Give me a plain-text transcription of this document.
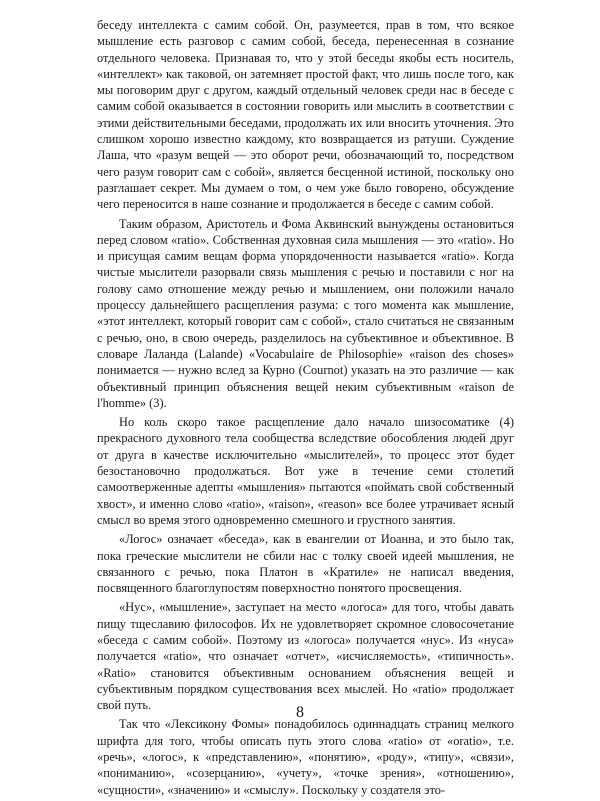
беседу интеллекта с самим собой. Он, разумеется, прав в том, что всякое мышление есть разговор с самим собой, беседа, перенесенная в сознание отдельного человека. Признавая то, что у этой беседы якобы есть носитель, «интеллект» как таковой, он затемняет простой факт, что лишь после того, как мы поговорим друг с другом, каждый отдельный человек среди нас в беседе с самим собой оказывается в состоянии говорить или мыслить в соответствии с этими действительными беседами, продолжать их или вносить уточнения. Это слишком хорошо известно каждому, кто возвращается из ратуши. Суждение Лаша, что «разум вещей — это оборот речи, обозначающий то, посредством чего разум говорит сам с собой», является бесценной истиной, поскольку оно разглашает секрет. Мы думаем о том, о чем уже было говорено, обсуждение чего переносится в наше сознание и продолжается в беседе с самим собой.

Таким образом, Аристотель и Фома Аквинский вынуждены остановиться перед словом «ratio». Собственная духовная сила мышления — это «ratio». Но и присущая самим вещам форма упорядоченности называется «ratio». Когда чистые мыслители разорвали связь мышления с речью и поставили с ног на голову само отношение между речью и мышлением, они положили начало процессу дальнейшего расщепления разума: с того момента как мышление, «этот интеллект, который говорит сам с собой», стало считаться не связанным с речью, оно, в свою очередь, разделилось на субъективное и объективное. В словаре Лаланда (Lalande) «Vocabulaire de Philosophie» «raison des choses» понимается — нужно вслед за Курно (Cournot) указать на это различие — как объективный принцип объяснения вещей неким субъективным «raison de l'homme» (3).

Но коль скоро такое расщепление дало начало шизосоматике (4) прекрасного духовного тела сообщества вследствие обособления людей друг от друга в качестве исключительно «мыслителей», то процесс этот будет безостановочно продолжаться. Вот уже в течение семи столетий самоотверженные адепты «мышления» пытаются «поймать свой собственный хвост», и именно слово «ratio», «raison», «reason» все более утрачивает ясный смысл во время этого одновременно смешного и грустного занятия.

«Логос» означает «беседа», как в евангелии от Иоанна, и это было так, пока греческие мыслители не сбили нас с толку своей идеей мышления, не связанного с речью, пока Платон в «Кратиле» не написал введения, посвященного благоглупостям поверхностно понятого просвещения.

«Нус», «мышление», заступает на место «логоса» для того, чтобы давать пищу тщеславию философов. Их не удовлетворяет скромное словосочетание «беседа с самим собой». Поэтому из «логоса» получается «нус». Из «нуса» получается «ratio», что означает «отчет», «исчисляемость», «типичность». «Ratio» становится объективным основанием объяснения вещей и субъективным порядком существования всех мыслей. Но «ratio» продолжает свой путь.

Так что «Лексикону Фомы» понадобилось одиннадцать страниц мелкого шрифта для того, чтобы описать путь этого слова «ratio» от «oratio», т.е. «речь», «логос», к «представлению», «понятию», «роду», «типу», «связи», «пониманию», «созерцанию», «учету», «точке зрения», «отношению», «сущности», «значению» и «смыслу». Поскольку у создателя это-

8
